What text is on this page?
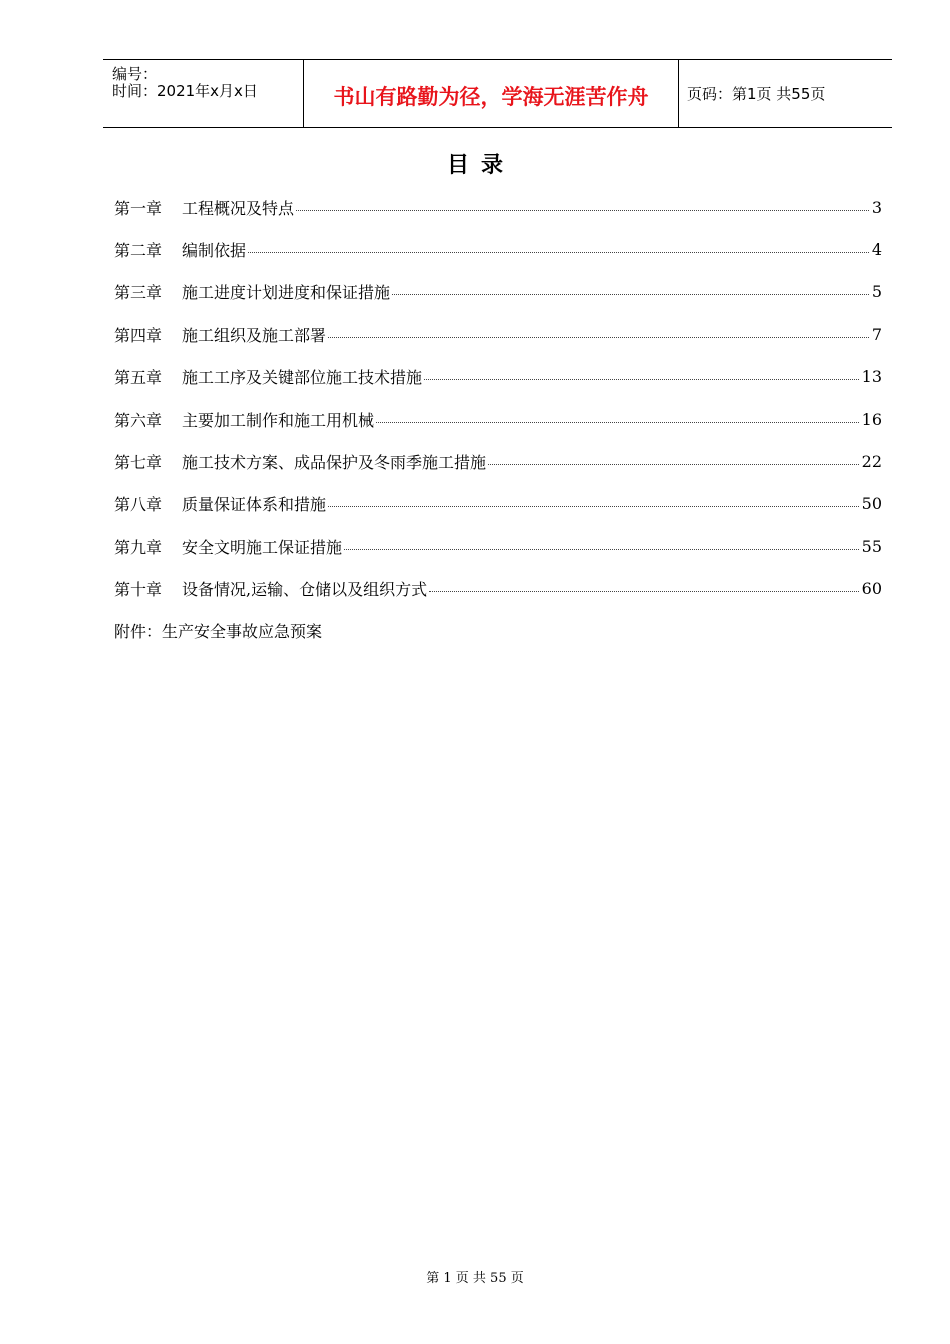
编号：
时间：2021年x月x日	书山有路勤为径，学海无涯苦作舟	页码：第1页 共55页
目录
第一章	工程概况及特点	3
第二章	编制依据	4
第三章	施工进度计划进度和保证措施	5
第四章	施工组织及施工部署	7
第五章	施工工序及关键部位施工技术措施	13
第六章	主要加工制作和施工用机械	16
第七章	施工技术方案、成品保护及冬雨季施工措施	22
第八章	质量保证体系和措施	50
第九章	安全文明施工保证措施	55
第十章	设备情况,运输、仓储以及组织方式	60
附件：生产安全事故应急预案
第 1 页 共 55 页
